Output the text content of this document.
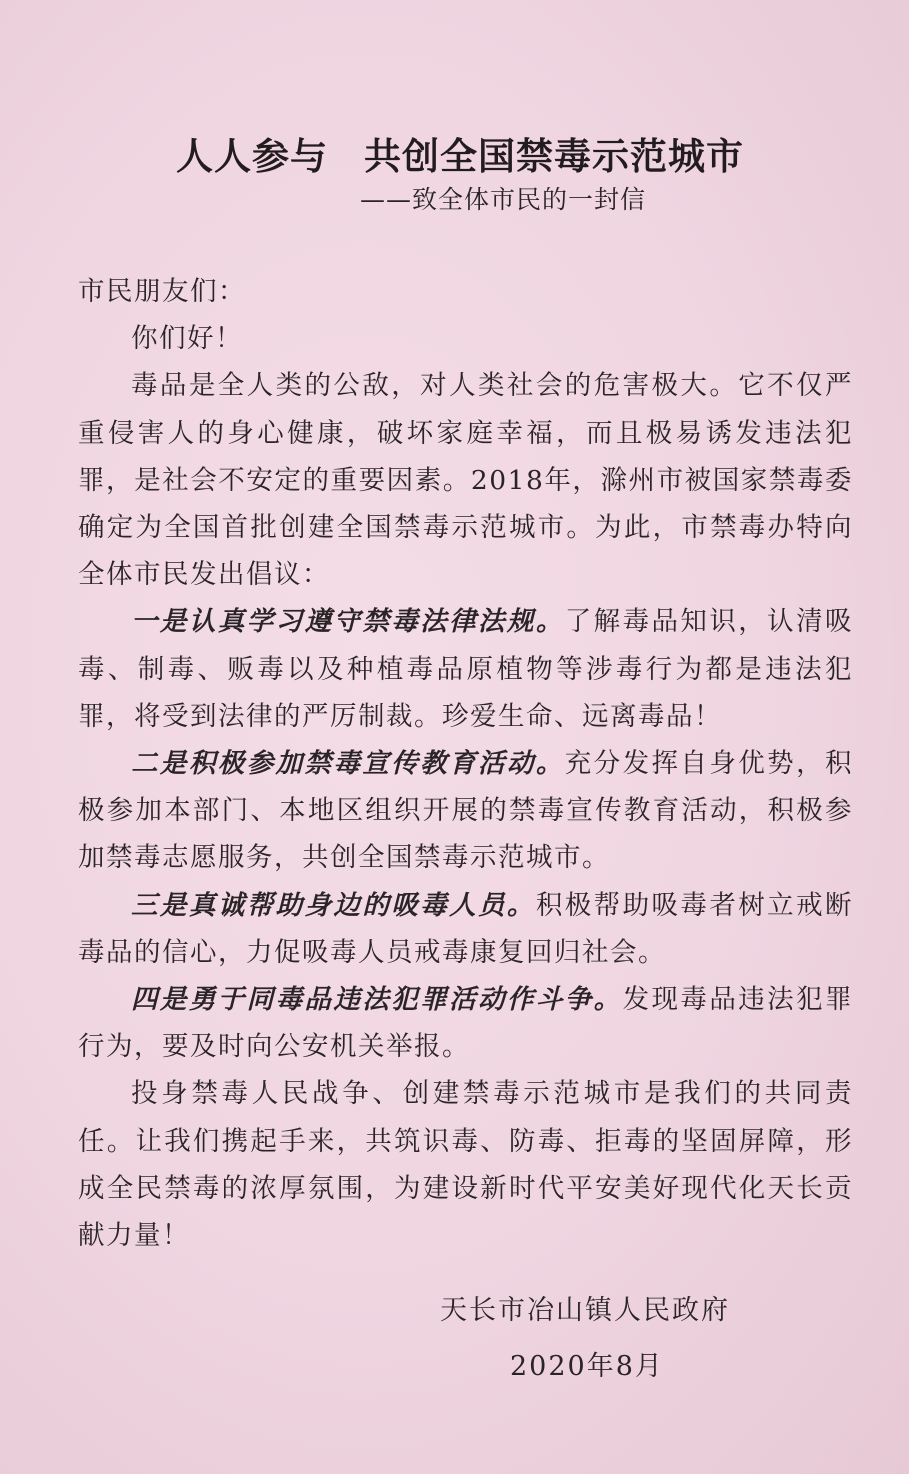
人人参与 共创全国禁毒示范城市
——致全体市民的一封信

市民朋友们：

你们好！

毒品是全人类的公敌，对人类社会的危害极大。它不仅严重侵害人的身心健康，破坏家庭幸福，而且极易诱发违法犯罪，是社会不安定的重要因素。2018年，滁州市被国家禁毒委确定为全国首批创建全国禁毒示范城市。为此，市禁毒办特向全体市民发出倡议：

一是认真学习遵守禁毒法律法规。了解毒品知识，认清吸毒、制毒、贩毒以及种植毒品原植物等涉毒行为都是违法犯罪，将受到法律的严厉制裁。珍爱生命、远离毒品！

二是积极参加禁毒宣传教育活动。充分发挥自身优势，积极参加本部门、本地区组织开展的禁毒宣传教育活动，积极参加禁毒志愿服务，共创全国禁毒示范城市。

三是真诚帮助身边的吸毒人员。积极帮助吸毒者树立戒断毒品的信心，力促吸毒人员戒毒康复回归社会。

四是勇于同毒品违法犯罪活动作斗争。发现毒品违法犯罪行为，要及时向公安机关举报。

投身禁毒人民战争、创建禁毒示范城市是我们的共同责任。让我们携起手来，共筑识毒、防毒、拒毒的坚固屏障，形成全民禁毒的浓厚氛围，为建设新时代平安美好现代化天长贡献力量！

天长市冶山镇人民政府
2020年8月
